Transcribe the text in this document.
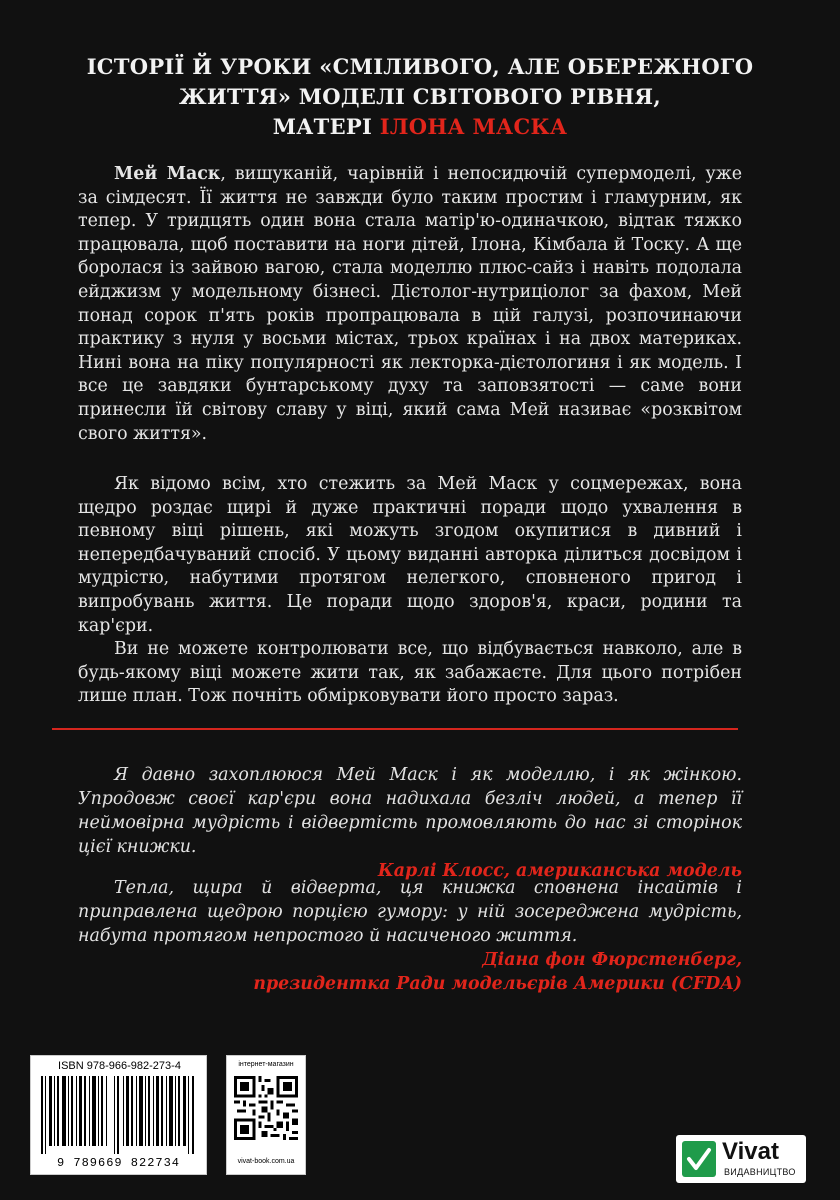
ІСТОРІЇ Й УРОКИ «СМІЛИВОГО, АЛЕ ОБЕРЕЖНОГО
ЖИТТЯ» МОДЕЛІ СВІТОВОГО РІВНЯ,
МАТЕРІ ІЛОНА МАСКА

Мей Маск, вишуканій, чарівній і непосидючій супермоделі, уже за сімдесят. Її життя не завжди було таким простим і гламурним, як тепер. У тридцять один вона стала матір'ю-одиначкою, відтак тяжко працювала, щоб поставити на ноги дітей, Ілона, Кімбала й Тоску. А ще боролася із зайвою вагою, стала моделлю плюс-сайз і навіть подолала ейджизм у модельному бізнесі. Дієтолог-нутриціолог за фахом, Мей понад сорок п'ять років пропрацювала в цій галузі, розпочинаючи практику з нуля у восьми містах, трьох країнах і на двох материках. Нині вона на піку популярності як лекторка-дієтологиня і як модель. І все це завдяки бунтарському духу та заповзятості — саме вони принесли їй світову славу у віці, який сама Мей називає «розквітом свого життя».

Як відомо всім, хто стежить за Мей Маск у соцмережах, вона щедро роздає щирі й дуже практичні поради щодо ухвалення в певному віці рішень, які можуть згодом окупитися в дивний і непередбачуваний спосіб. У цьому виданні авторка ділиться досвідом і мудрістю, набутими протягом нелегкого, сповненого пригод і випробувань життя. Це поради щодо здоров'я, краси, родини та кар'єри.

Ви не можете контролювати все, що відбувається навколо, але в будь-якому віці можете жити так, як забажаєте. Для цього потрібен лише план. Тож почніть обмірковувати його просто зараз.

Я давно захоплююся Мей Маск і як моделлю, і як жінкою. Упродовж своєї кар'єри вона надихала безліч людей, а тепер її неймовірна мудрість і відвертість промовляють до нас зі сторінок цієї книжки.
Карлі Клосс, американська модель
Тепла, щира й відверта, ця книжка сповнена інсайтів і приправлена щедрою порцією гумору: у ній зосереджена мудрість, набута протягом непростого й насиченого життя.
Діана фон Фюрстенберг,
президентка Ради модельєрів Америки (CFDA)
ISBN 978-966-982-273-4
9 789669 822734
інтернет-магазин
vivat-book.com.ua	Vivat
ВИДАВНИЦТВО
